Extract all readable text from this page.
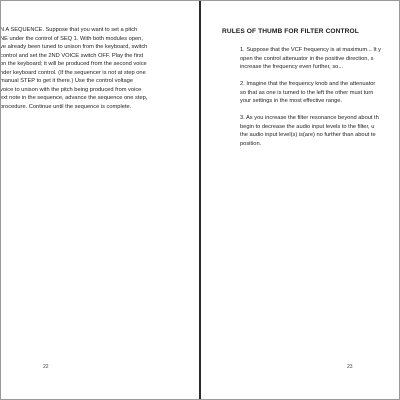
N A SEQUENCE. Suppose that you want to set a pitch
NE under the control of SEQ 1. With both modules open,
ve already been tuned to unison from the keyboard, switch
control and set the 2ND VOICE switch OFF. Play the first
on the keyboard; it will be produced from the second voice
nder keyboard control. (If the sequencer is not at step one
manual STEP to get it there.) Use the control voltage
voice to unison with the pitch being produced from voice
ext note in the sequence, advance the sequence one step,
procedure. Continue until the sequence is complete.
22
RULES OF THUMB FOR FILTER CONTROL
1. Suppose that the VCF frequency is at maximum... It y
open the control attenuator in the positive direction, s
increase the frequency even further, so...
2. Imagine that the frequency knob and the attenuator
so that as one is turned to the left the other must turn
your settings in the most effective range.
3. As you increase the filter resonance beyond about th
begin to decrease the audio input levels to the filter, u
the audio input level(s) is(are) no further than about te
position.
23
